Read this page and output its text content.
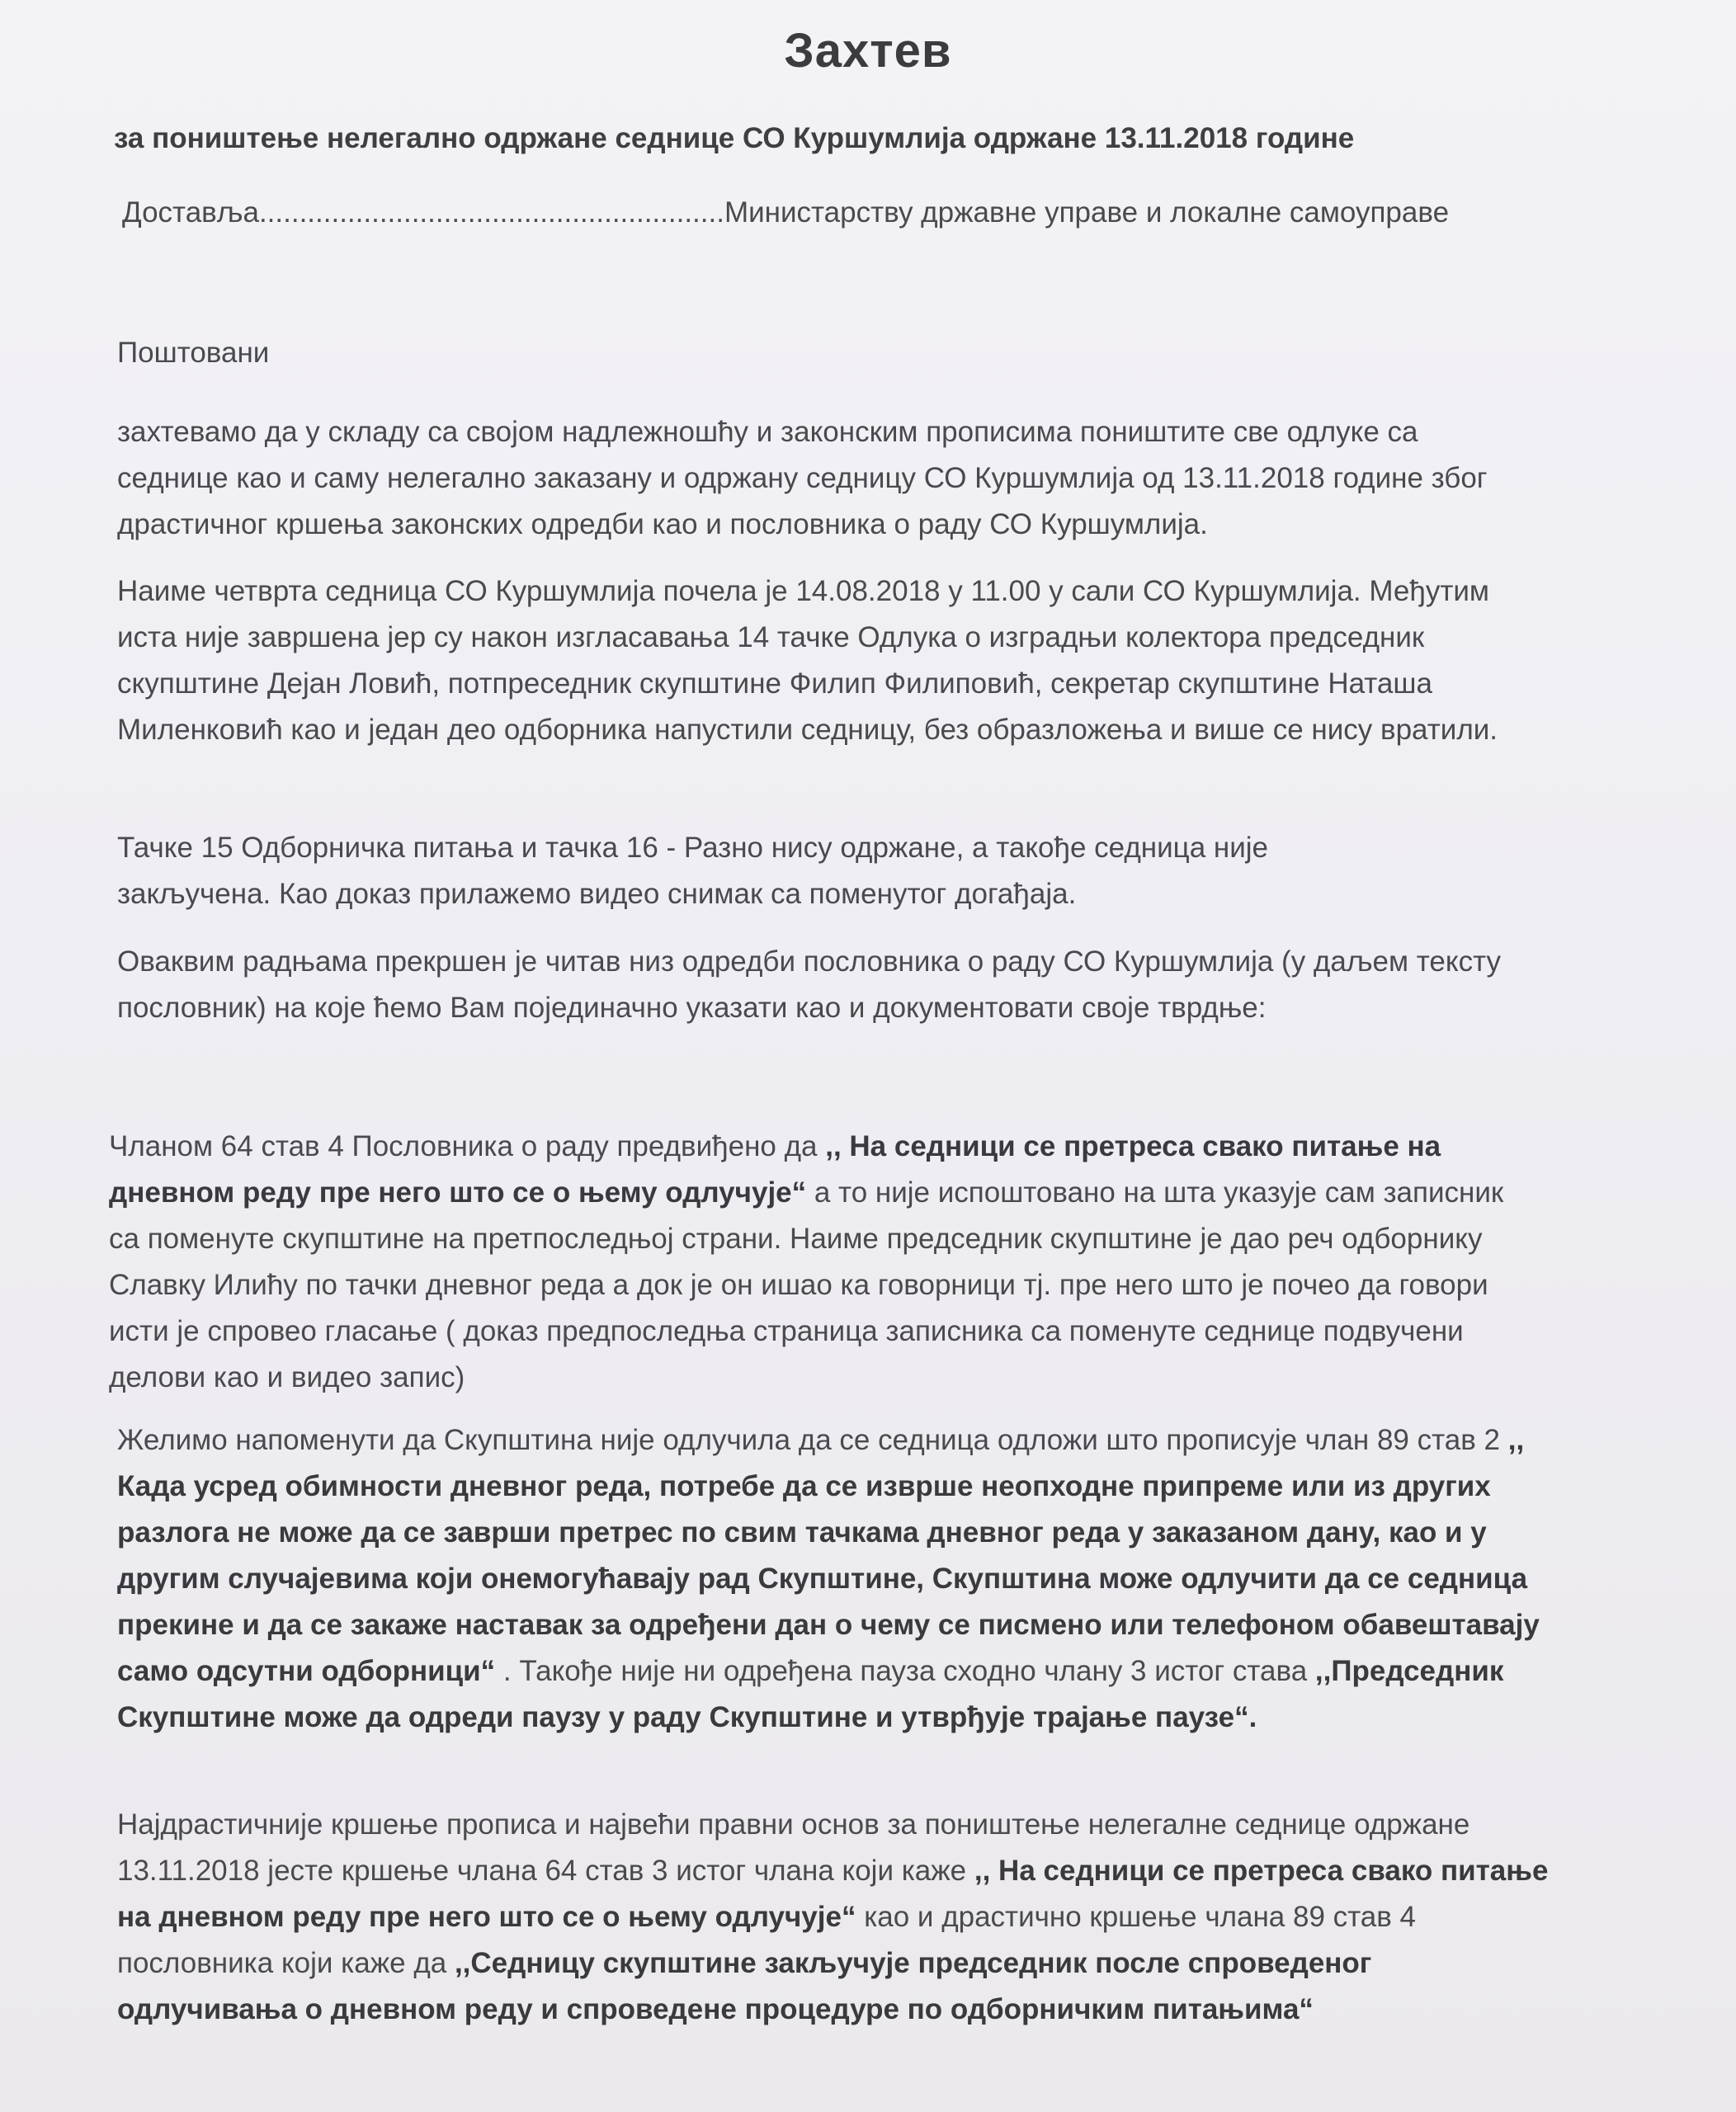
Захтев
за поништење нелегално одржане седнице СО Куршумлија одржане 13.11.2018 године
Достављa..........................................................Министарству државне управе и локалне самоуправе
Поштовани

захтевамо да у складу са својом надлежношћу и законским прописима поништите све одлуке са седнице као и саму нелегално заказану и одржану седницу СО Куршумлија од 13.11.2018 године због драстичног кршења законских одредби као и пословника о раду СО Куршумлија.

Наиме четврта седница СО Куршумлија почела је 14.08.2018 у 11.00 у сали СО Куршумлија. Међутим иста није завршена јер су након изгласавања 14 тачке Одлука о изградњи колектора председник скупштине Дејан Ловић, потпреседник скупштине Филип Филиповић, секретар скупштине Наташа Миленковић као и један део одборника напустили седницу, без образложења и више се нису вратили.

Тачке 15 Одборничка питања и тачка 16 - Разно нису одржане, а такође седница није закључена. Као доказ прилажемо видео снимак са поменутог догађаја.

Оваквим радњама прекршен је читав низ одредби пословника о раду СО Куршумлија (у даљем тексту пословник) на које ћемо Вам појединачно указати као и документовати своје тврдње:

Чланом 64 став 4 Пословника о раду предвиђено да ,, На седници се претреса свако питање на дневном реду пре него што се о њему одлучује“ а то није испоштовано на шта указује сам записник са поменуте скупштине на претпоследњој страни. Наиме председник скупштине је дао реч одборнику Славку Илићу по тачки дневног реда а док је он ишао ка говорници тј. пре него што је почео да говори исти је спровео гласање ( доказ предпоследња страница записника са поменуте седнице подвучени делови као и видео запис)

Желимо напоменути да Скупштина није одлучила да се седница одложи што прописује члан 89 став 2 ,, Када усред обимности дневног реда, потребе да се изврше неопходне припреме или из других разлога не може да се заврши претрес по свим тачкама дневног реда у заказаном дану, као и у другим случајевима који онемогућавају рад Скупштине, Скупштина може одлучити да се седница прекине и да се закаже наставак за одређени дан о чему се писмено или телефоном обавештавају само одсутни одборници“ . Такође није ни одређена пауза сходно члану 3 истог става ,,Председник Скупштине може да одреди паузу у раду Скупштине и утврђује трајање паузе“.

Најдрастичније кршење прописа и највећи правни основ за поништење нелегалне седнице одржане 13.11.2018 јесте кршење члана 64 став 3 истог члана који каже ,, На седници се претреса свако питање на дневном реду пре него што се о њему одлучује“ као и драстично кршење члана 89 став 4 пословника који каже да ,,Седницу скупштине закључује председник после спроведеног одлучивања о дневном реду и спроведене процедуре по одборничким питањима“
